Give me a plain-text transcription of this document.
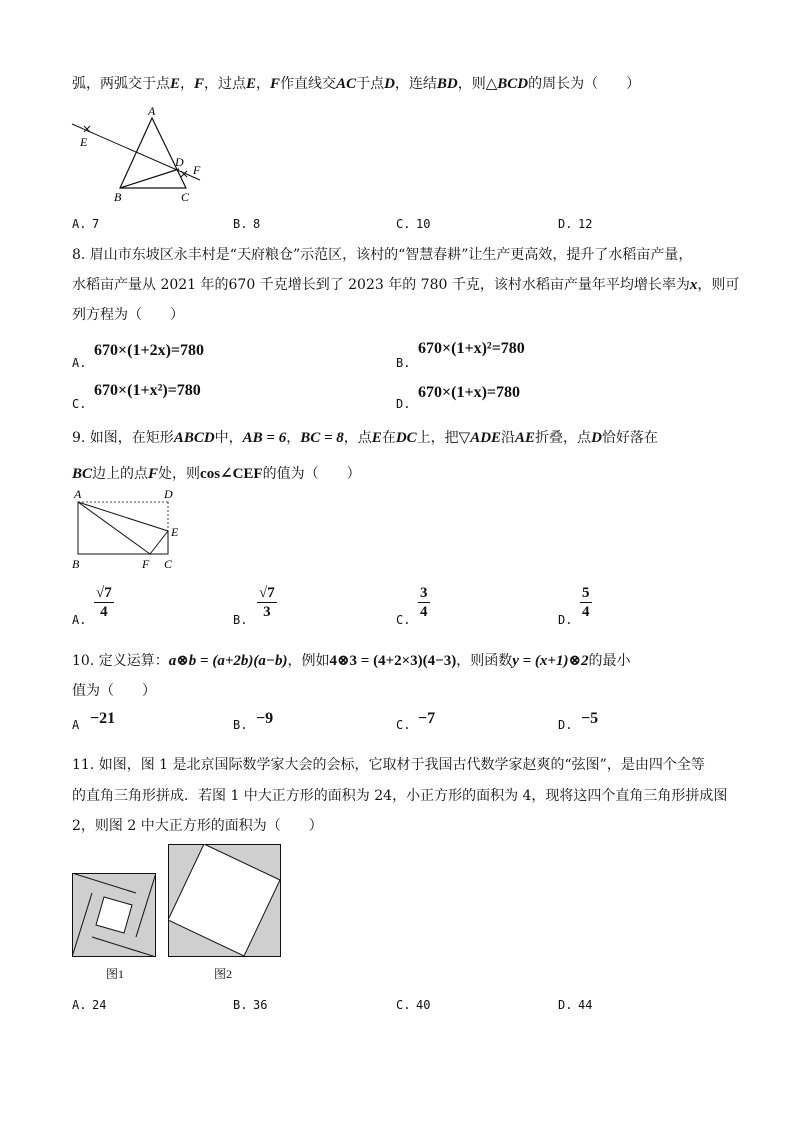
弧，两弧交于点E，F，过点E，F作直线交AC于点D，连结BD，则△BCD的周长为（　　）
A
B	C
D
E
F
A. 7	B. 8	C. 10	D. 12
8. 眉山市东坡区永丰村是“天府粮仓”示范区，该村的“智慧春耕”让生产更高效，提升了水稻亩产量，
水稻亩产量从 2021 年的670 千克增长到了 2023 年的 780 千克，该村水稻亩产量年平均增长率为x，则可
列方程为（　　）
A.
670×(1+2x)=780
B.
670×(1+x)²=780
C.
670×(1+x²)=780
D.
670×(1+x)=780
9. 如图，在矩形ABCD中，AB = 6，BC = 8，点E在DC上，把▽ADE沿AE折叠，点D恰好落在
BC边上的点F处，则cos∠CEF的值为（　　）
A	D
E
B	F C
A. $\frac{√7}{4}$	B. $\frac{√7}{3}$	C. $\frac{3}{4}$	D. $\frac{5}{4}$
10. 定义运算：a⊗b = (a+2b)(a−b)，例如4⊗3 = (4+2×3)(4−3)，则函数y = (x+1)⊗2的最小
值为（　　）
A −21	B. −9	C. −7	D. −5
11. 如图，图 1 是北京国际数学家大会的会标，它取材于我国古代数学家赵爽的“弦图”，是由四个全等
的直角三角形拼成．若图 1 中大正方形的面积为 24，小正方形的面积为 4，现将这四个直角三角形拼成图
2，则图 2 中大正方形的面积为（　　）
图1	图2
A. 24	B. 36	C. 40	D. 44
